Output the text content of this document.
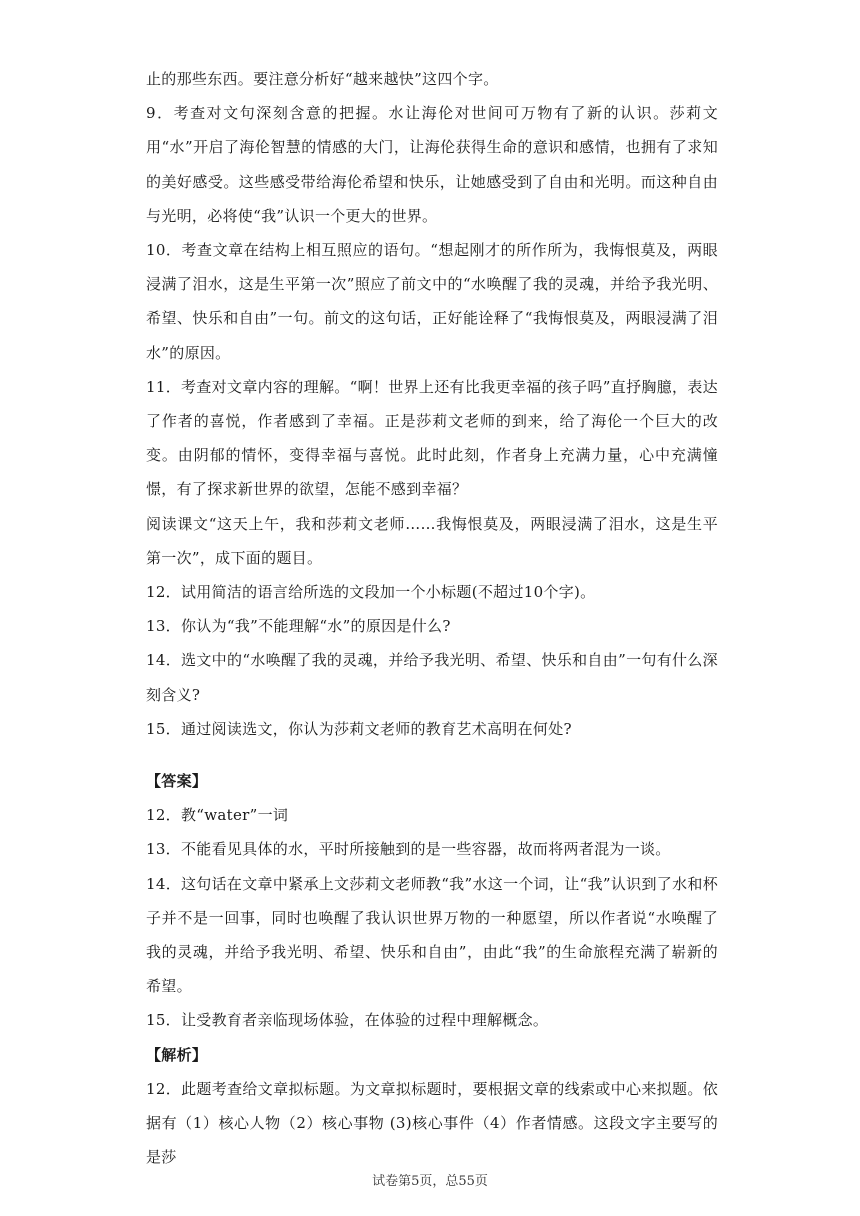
止的那些东西。要注意分析好“越来越快”这四个字。

9．考查对文句深刻含意的把握。水让海伦对世间可万物有了新的认识。莎莉文用“水”开启了海伦智慧的情感的大门，让海伦获得生命的意识和感情，也拥有了求知的美好感受。这些感受带给海伦希望和快乐，让她感受到了自由和光明。而这种自由与光明，必将使“我”认识一个更大的世界。

10．考查文章在结构上相互照应的语句。“想起刚才的所作所为，我悔恨莫及，两眼浸满了泪水，这是生平第一次”照应了前文中的“水唤醒了我的灵魂，并给予我光明、希望、快乐和自由”一句。前文的这句话，正好能诠释了“我悔恨莫及，两眼浸满了泪水”的原因。

11．考查对文章内容的理解。“啊！世界上还有比我更幸福的孩子吗”直抒胸臆，表达了作者的喜悦，作者感到了幸福。正是莎莉文老师的到来，给了海伦一个巨大的改变。由阴郁的情怀，变得幸福与喜悦。此时此刻，作者身上充满力量，心中充满憧憬，有了探求新世界的欲望，怎能不感到幸福？

阅读课文“这天上午，我和莎莉文老师……我悔恨莫及，两眼浸满了泪水，这是生平第一次”，成下面的题目。

12．试用简洁的语言给所选的文段加一个小标题(不超过10个字)。

13．你认为“我”不能理解“水”的原因是什么?

14．选文中的“水唤醒了我的灵魂，并给予我光明、希望、快乐和自由”一句有什么深刻含义?

15．通过阅读选文，你认为莎莉文老师的教育艺术高明在何处?

【答案】

12．教“water”一词

13．不能看见具体的水，平时所接触到的是一些容器，故而将两者混为一谈。

14．这句话在文章中紧承上文莎莉文老师教“我”水这一个词，让“我”认识到了水和杯子并不是一回事，同时也唤醒了我认识世界万物的一种愿望，所以作者说“水唤醒了我的灵魂，并给予我光明、希望、快乐和自由”，由此“我”的生命旅程充满了崭新的希望。

15．让受教育者亲临现场体验，在体验的过程中理解概念。

【解析】

12．此题考查给文章拟标题。为文章拟标题时，要根据文章的线索或中心来拟题。依据有（1）核心人物（2）核心事物 (3)核心事件（4）作者情感。这段文字主要写的是莎

试卷第5页，总55页
